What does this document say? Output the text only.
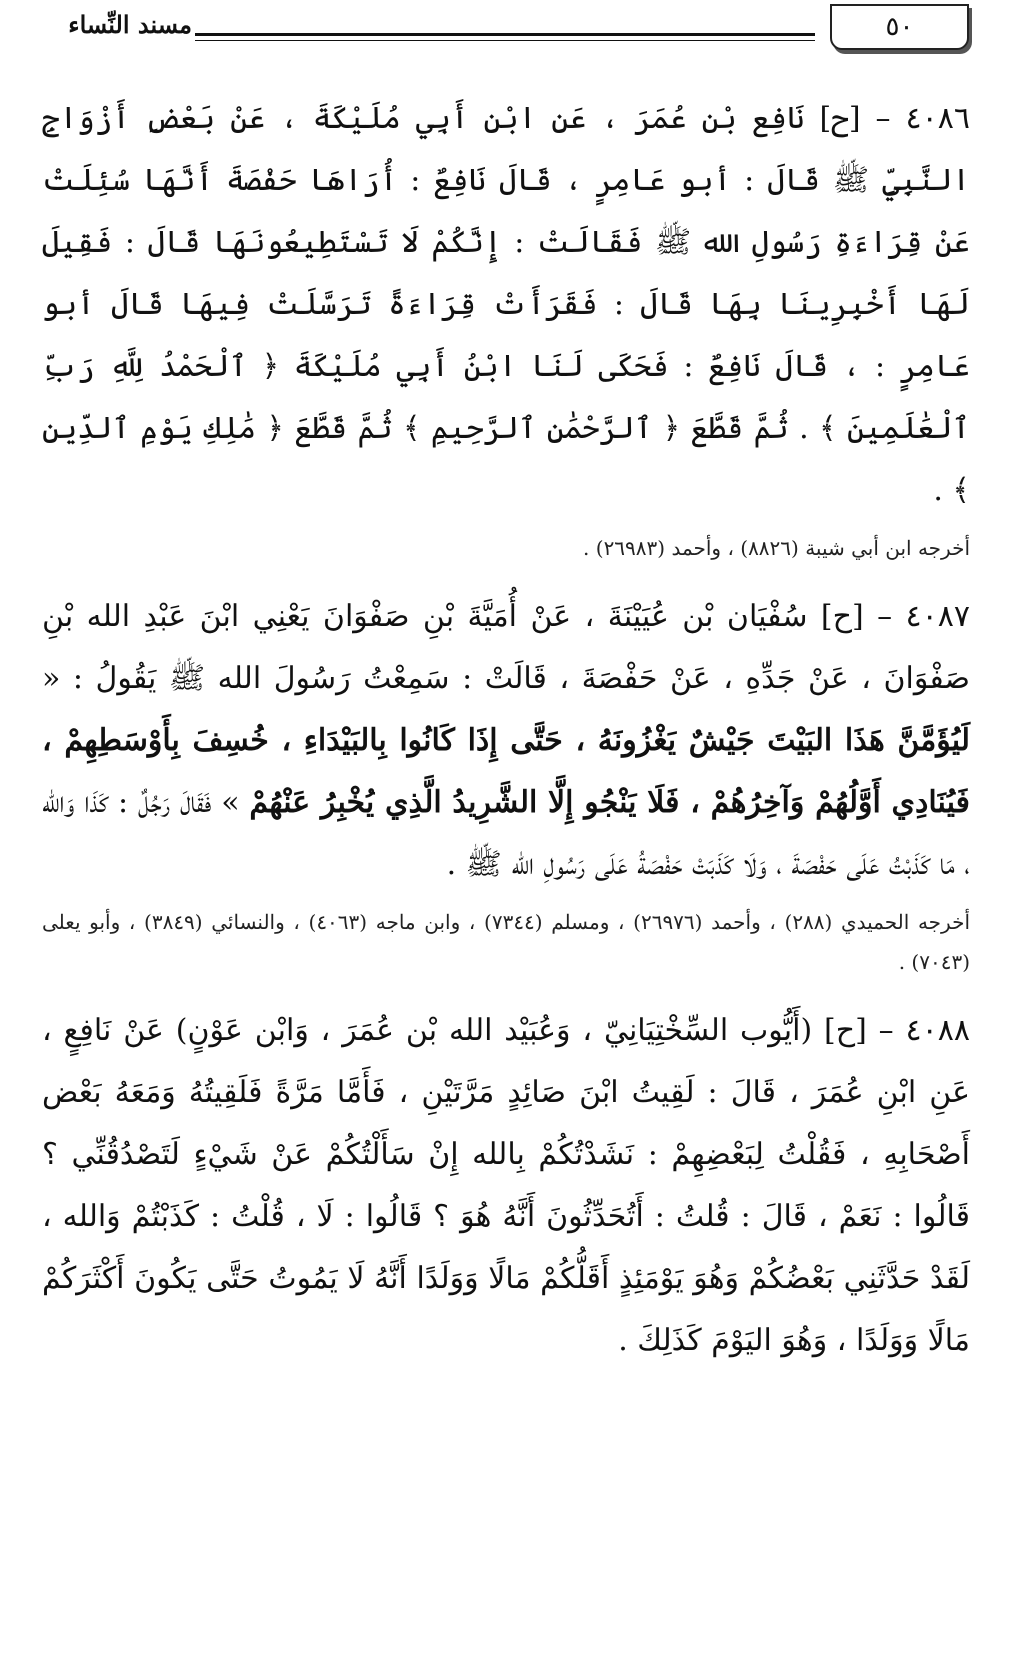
٥٠
مسند النِّساء

٤٠٨٦ – [ح] نَافِع بْن عُمَرَ ، عَنِ ابْنِ أَبِي مُلَيْكَةَ ، عَنْ بَعْضِ أَزْوَاجِ النَّبِيِّ ﷺ قَالَ : أبو عَامِرٍ ، قَالَ نَافِعٌ : أُرَاهَا حَفْصَةَ أَنَّهَا سُئِلَتْ عَنْ قِرَاءَةِ رَسُولِ الله ﷺ فَقَالَتْ : إِنَّكُمْ لَا تَسْتَطِيعُونَهَا قَالَ : فَقِيلَ لَهَا أَخْبِرِينَا بِهَا قَالَ : فَقَرَأَتْ قِرَاءَةً تَرَسَّلَتْ فِيهَا قَالَ أبو عَامِرٍ : ، قَالَ نَافِعٌ : فَحَكَى لَنَا ابْنُ أَبِي مُلَيْكَةَ ﴿ ٱلْحَمْدُ لِلَّهِ رَبِّ ٱلْعَٰلَمِينَ ﴾ . ثُمَّ قَطَّعَ ﴿ ٱلرَّحْمَٰنِ ٱلرَّحِيمِ ﴾ ثُمَّ قَطَّعَ ﴿ مَٰلِكِ يَوْمِ ٱلدِّينِ ﴾ .

أخرجه ابن أبي شيبة (٨٨٢٦) ، وأحمد (٢٦٩٨٣) .

٤٠٨٧ – [ح] سُفْيَان بْن عُيَيْنَةَ ، عَنْ أُمَيَّةَ بْنِ صَفْوَانَ يَعْنِي ابْنَ عَبْدِ الله بْنِ صَفْوَانَ ، عَنْ جَدِّهِ ، عَنْ حَفْصَةَ ، قَالَتْ : سَمِعْتُ رَسُولَ الله ﷺ يَقُولُ : « لَيُؤَمَّنَّ هَذَا البَيْتَ جَيْشٌ يَغْزُونَهُ ، حَتَّى إِذَا كَانُوا بِالبَيْدَاءِ ، خُسِفَ بِأَوْسَطِهِمْ ، فَيُنَادِي أَوَّلُهُمْ وَآخِرُهُمْ ، فَلَا يَنْجُو إِلَّا الشَّرِيدُ الَّذِي يُخْبِرُ عَنْهُمْ » فَقَالَ رَجُلٌ : كَذَا وَالله ، مَا كَذَبْتُ عَلَى حَفْصَةَ ، وَلَا كَذَبَتْ حَفْصَةُ عَلَى رَسُولِ الله ﷺ .

أخرجه الحميدي (٢٨٨) ، وأحمد (٢٦٩٧٦) ، ومسلم (٧٣٤٤) ، وابن ماجه (٤٠٦٣) ، والنسائي (٣٨٤٩) ، وأبو يعلى (٧٠٤٣) .

٤٠٨٨ – [ح] (أَيُّوب السِّخْتِيَانِيّ ، وَعُبَيْد الله بْن عُمَرَ ، وَابْن عَوْنٍ) عَنْ نَافِعٍ ، عَنِ ابْنِ عُمَرَ ، قَالَ : لَقِيتُ ابْنَ صَائِدٍ مَرَّتَيْنِ ، فَأَمَّا مَرَّةً فَلَقِيتُهُ وَمَعَهُ بَعْض أَصْحَابِهِ ، فَقُلْتُ لِبَعْضِهِمْ : نَشَدْتُكُمْ بِالله إِنْ سَأَلْتُكُمْ عَنْ شَيْءٍ لَتَصْدُقُنِّي ؟ قَالُوا : نَعَمْ ، قَالَ : قُلتُ : أَتُحَدِّثُونَ أَنَّهُ هُوَ ؟ قَالُوا : لَا ، قُلْتُ : كَذَبْتُمْ وَالله ، لَقَدْ حَدَّثَنِي بَعْضُكُمْ وَهُوَ يَوْمَئِذٍ أَقَلُّكُمْ مَالًا وَوَلَدًا أَنَّهُ لَا يَمُوتُ حَتَّى يَكُونَ أَكْثَرَكُمْ مَالًا وَوَلَدًا ، وَهُوَ اليَوْمَ كَذَلِكَ .
